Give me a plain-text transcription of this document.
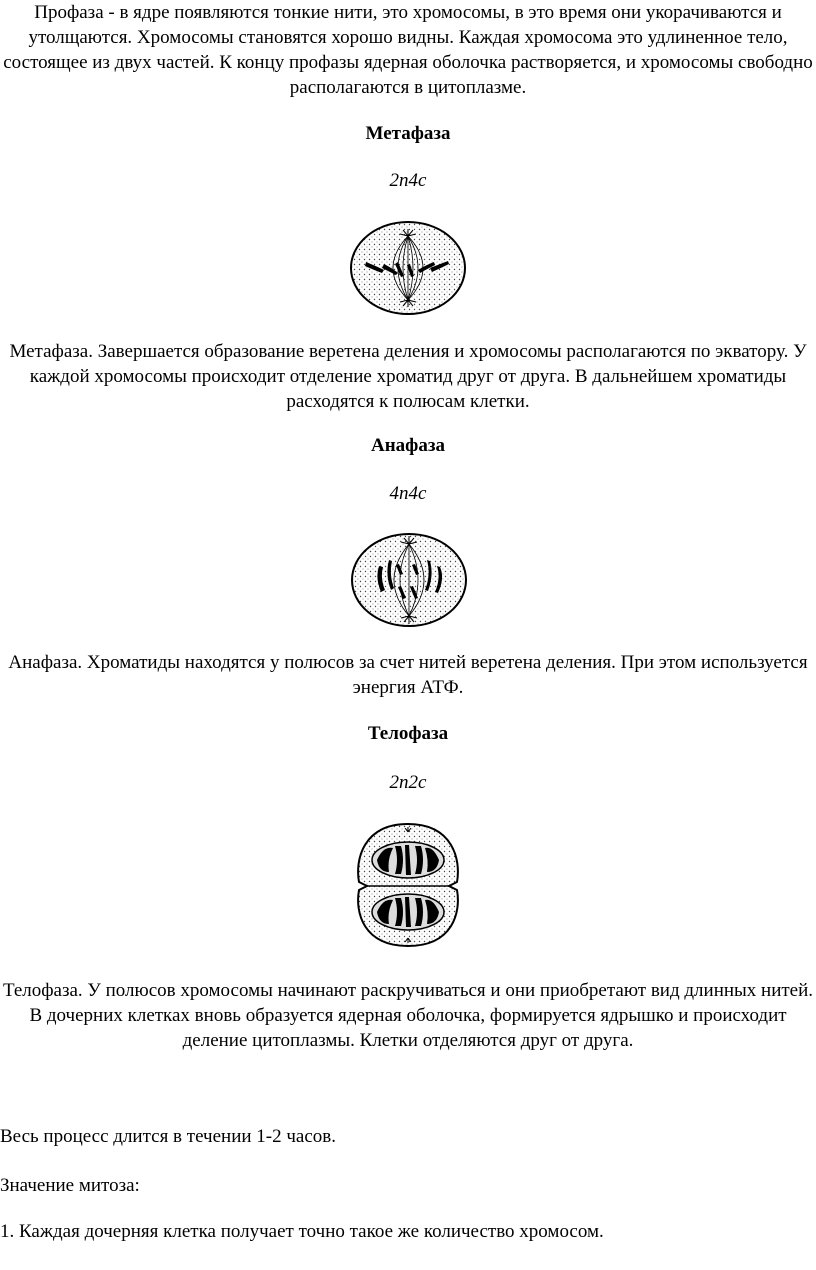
Профаза - в ядре появляются тонкие нити, это хромосомы, в это время они укорачиваются и утолщаются. Хромосомы становятся хорошо видны. Каждая хромосома это удлиненное тело, состоящее из двух частей. К концу профазы ядерная оболочка растворяется, и хромосомы свободно располагаются в цитоплазме.

Метафаза

2n4c

Метафаза. Завершается образование веретена деления и хромосомы располагаются по экватору. У каждой хромосомы происходит отделение хроматид друг от друга. В дальнейшем хроматиды расходятся к полюсам клетки.

Анафаза

4n4c

Анафаза. Хроматиды находятся у полюсов за счет нитей веретена деления. При этом используется энергия АТФ.

Телофаза

2n2c

Телофаза. У полюсов хромосомы начинают раскручиваться и они приобретают вид длинных нитей. В дочерних клетках вновь образуется ядерная оболочка, формируется ядрышко и происходит деление цитоплазмы. Клетки отделяются друг от друга.

Весь процесс длится в течении 1-2 часов.

Значение митоза:

1. Каждая дочерняя клетка получает точно такое же количество хромосом.
